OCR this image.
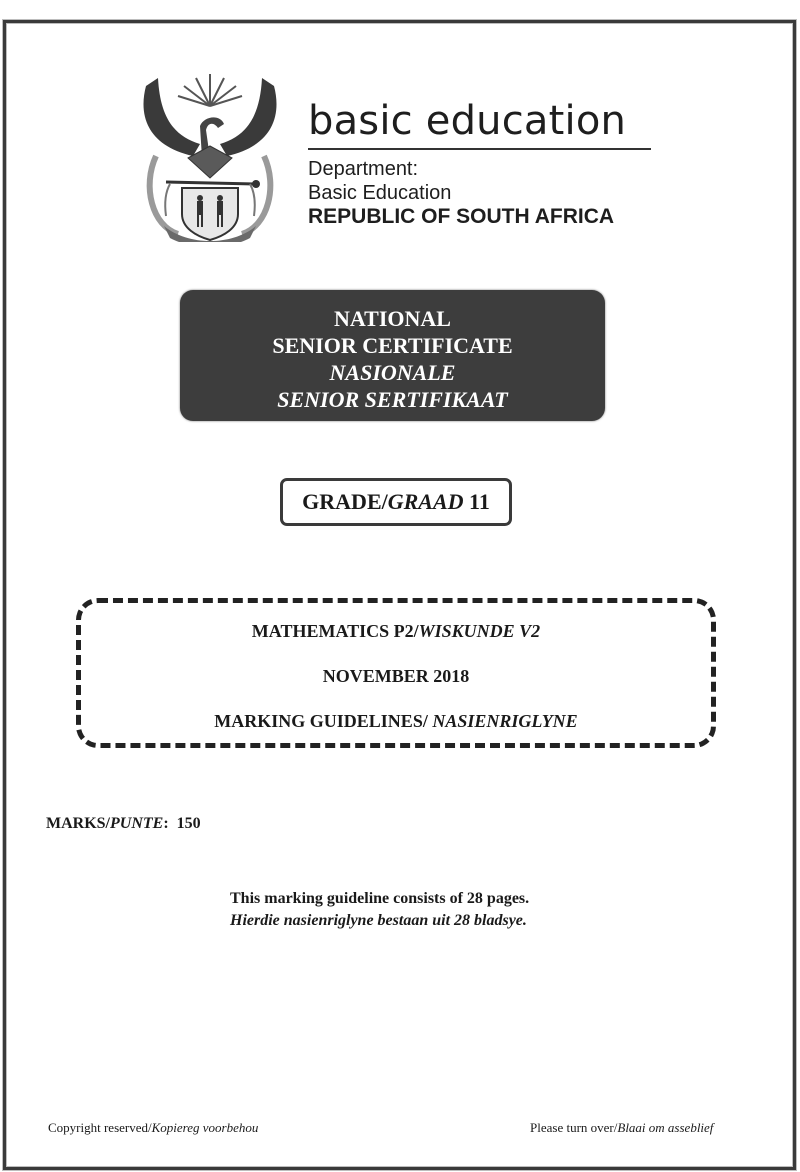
basic education
Department:
Basic Education
REPUBLIC OF SOUTH AFRICA
NATIONAL
SENIOR CERTIFICATE
NASIONALE
SENIOR SERTIFIKAAT
GRADE/GRAAD 11
MATHEMATICS P2/WISKUNDE V2
NOVEMBER 2018
MARKING GUIDELINES/ NASIENRIGLYNE
MARKS/PUNTE:  150
This marking guideline consists of 28 pages.
Hierdie nasienriglyne bestaan uit 28 bladsye.
Copyright reserved/Kopiereg voorbehou	Please turn over/Blaai om asseblief
